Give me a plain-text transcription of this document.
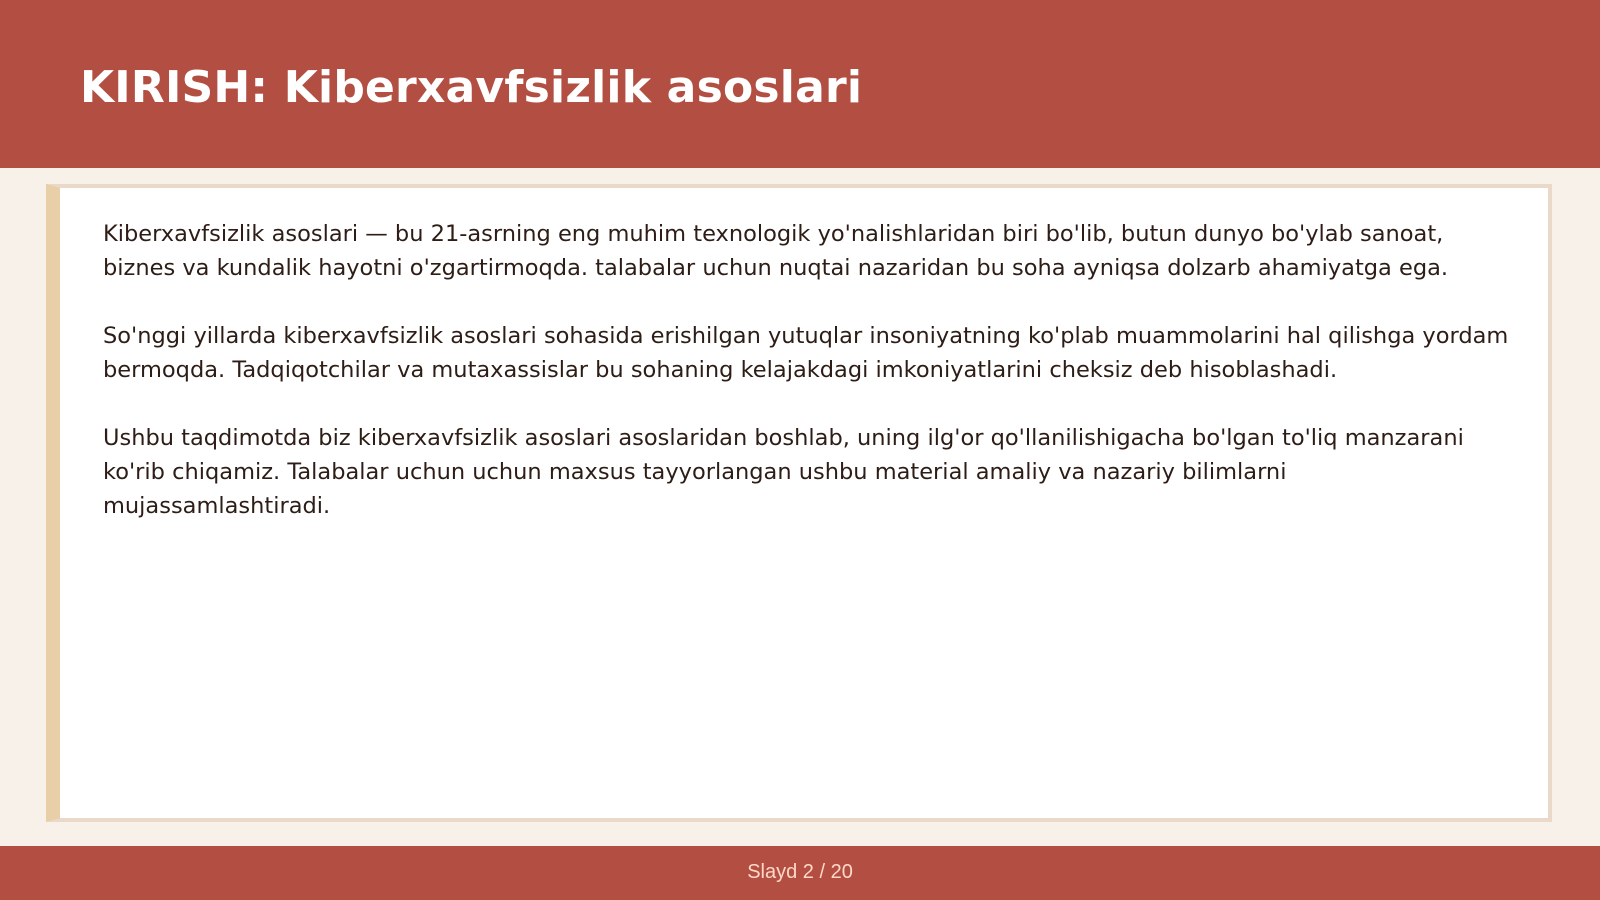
KIRISH: Kiberxavfsizlik asoslari

Kiberxavfsizlik asoslari — bu 21-asrning eng muhim texnologik yo'nalishlaridan biri bo'lib, butun dunyo bo'ylab sanoat, biznes va kundalik hayotni o'zgartirmoqda. talabalar uchun nuqtai nazaridan bu soha ayniqsa dolzarb ahamiyatga ega.

So'nggi yillarda kiberxavfsizlik asoslari sohasida erishilgan yutuqlar insoniyatning ko'plab muammolarini hal qilishga yordam bermoqda. Tadqiqotchilar va mutaxassislar bu sohaning kelajakdagi imkoniyatlarini cheksiz deb hisoblashadi.

Ushbu taqdimotda biz kiberxavfsizlik asoslari asoslaridan boshlab, uning ilg'or qo'llanilishigacha bo'lgan to'liq manzarani ko'rib chiqamiz. Talabalar uchun uchun maxsus tayyorlangan ushbu material amaliy va nazariy bilimlarni mujassamlashtiradi.

Slayd 2 / 20
